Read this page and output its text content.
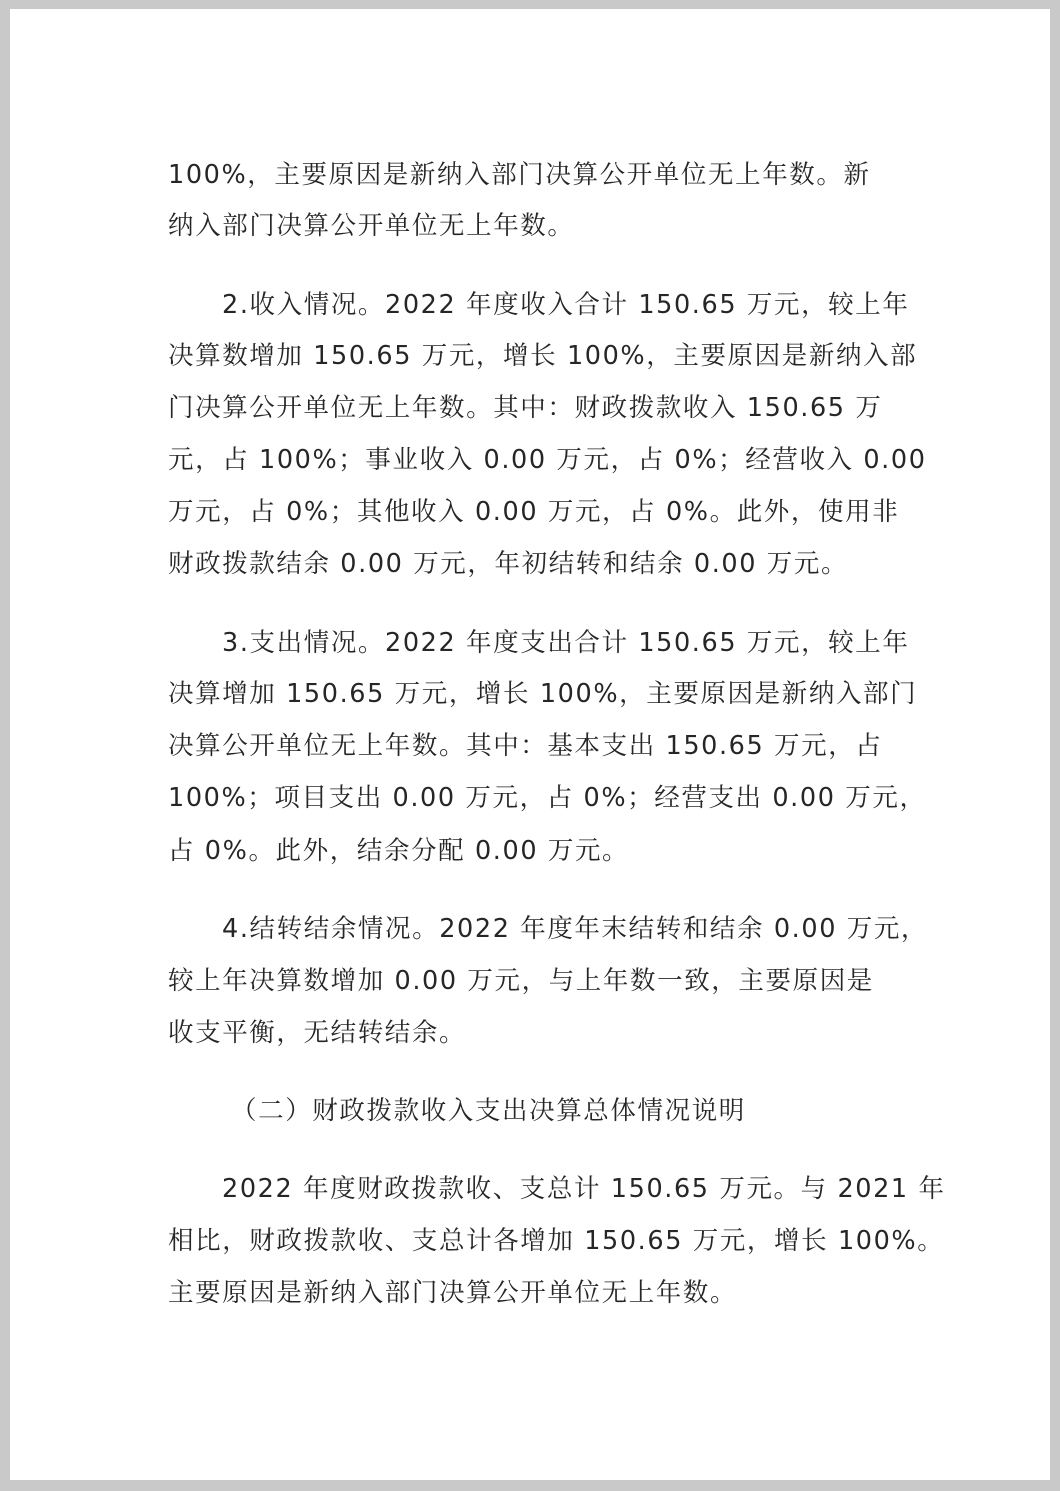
100%，主要原因是新纳入部门决算公开单位无上年数。新
纳入部门决算公开单位无上年数。
2.收入情况。2022 年度收入合计 150.65 万元，较上年
决算数增加 150.65 万元，增长 100%，主要原因是新纳入部
门决算公开单位无上年数。其中：财政拨款收入 150.65 万
元，占 100%；事业收入 0.00 万元，占 0%；经营收入 0.00
万元，占 0%；其他收入 0.00 万元，占 0%。此外，使用非
财政拨款结余 0.00 万元，年初结转和结余 0.00 万元。
3.支出情况。2022 年度支出合计 150.65 万元，较上年
决算增加 150.65 万元，增长 100%，主要原因是新纳入部门
决算公开单位无上年数。其中：基本支出 150.65 万元，占
100%；项目支出 0.00 万元，占 0%；经营支出 0.00 万元，
占 0%。此外，结余分配 0.00 万元。
4.结转结余情况。2022 年度年末结转和结余 0.00 万元，
较上年决算数增加 0.00 万元，与上年数一致，主要原因是
收支平衡，无结转结余。
（二）财政拨款收入支出决算总体情况说明
2022 年度财政拨款收、支总计 150.65 万元。与 2021 年
相比，财政拨款收、支总计各增加 150.65 万元，增长 100%。
主要原因是新纳入部门决算公开单位无上年数。
